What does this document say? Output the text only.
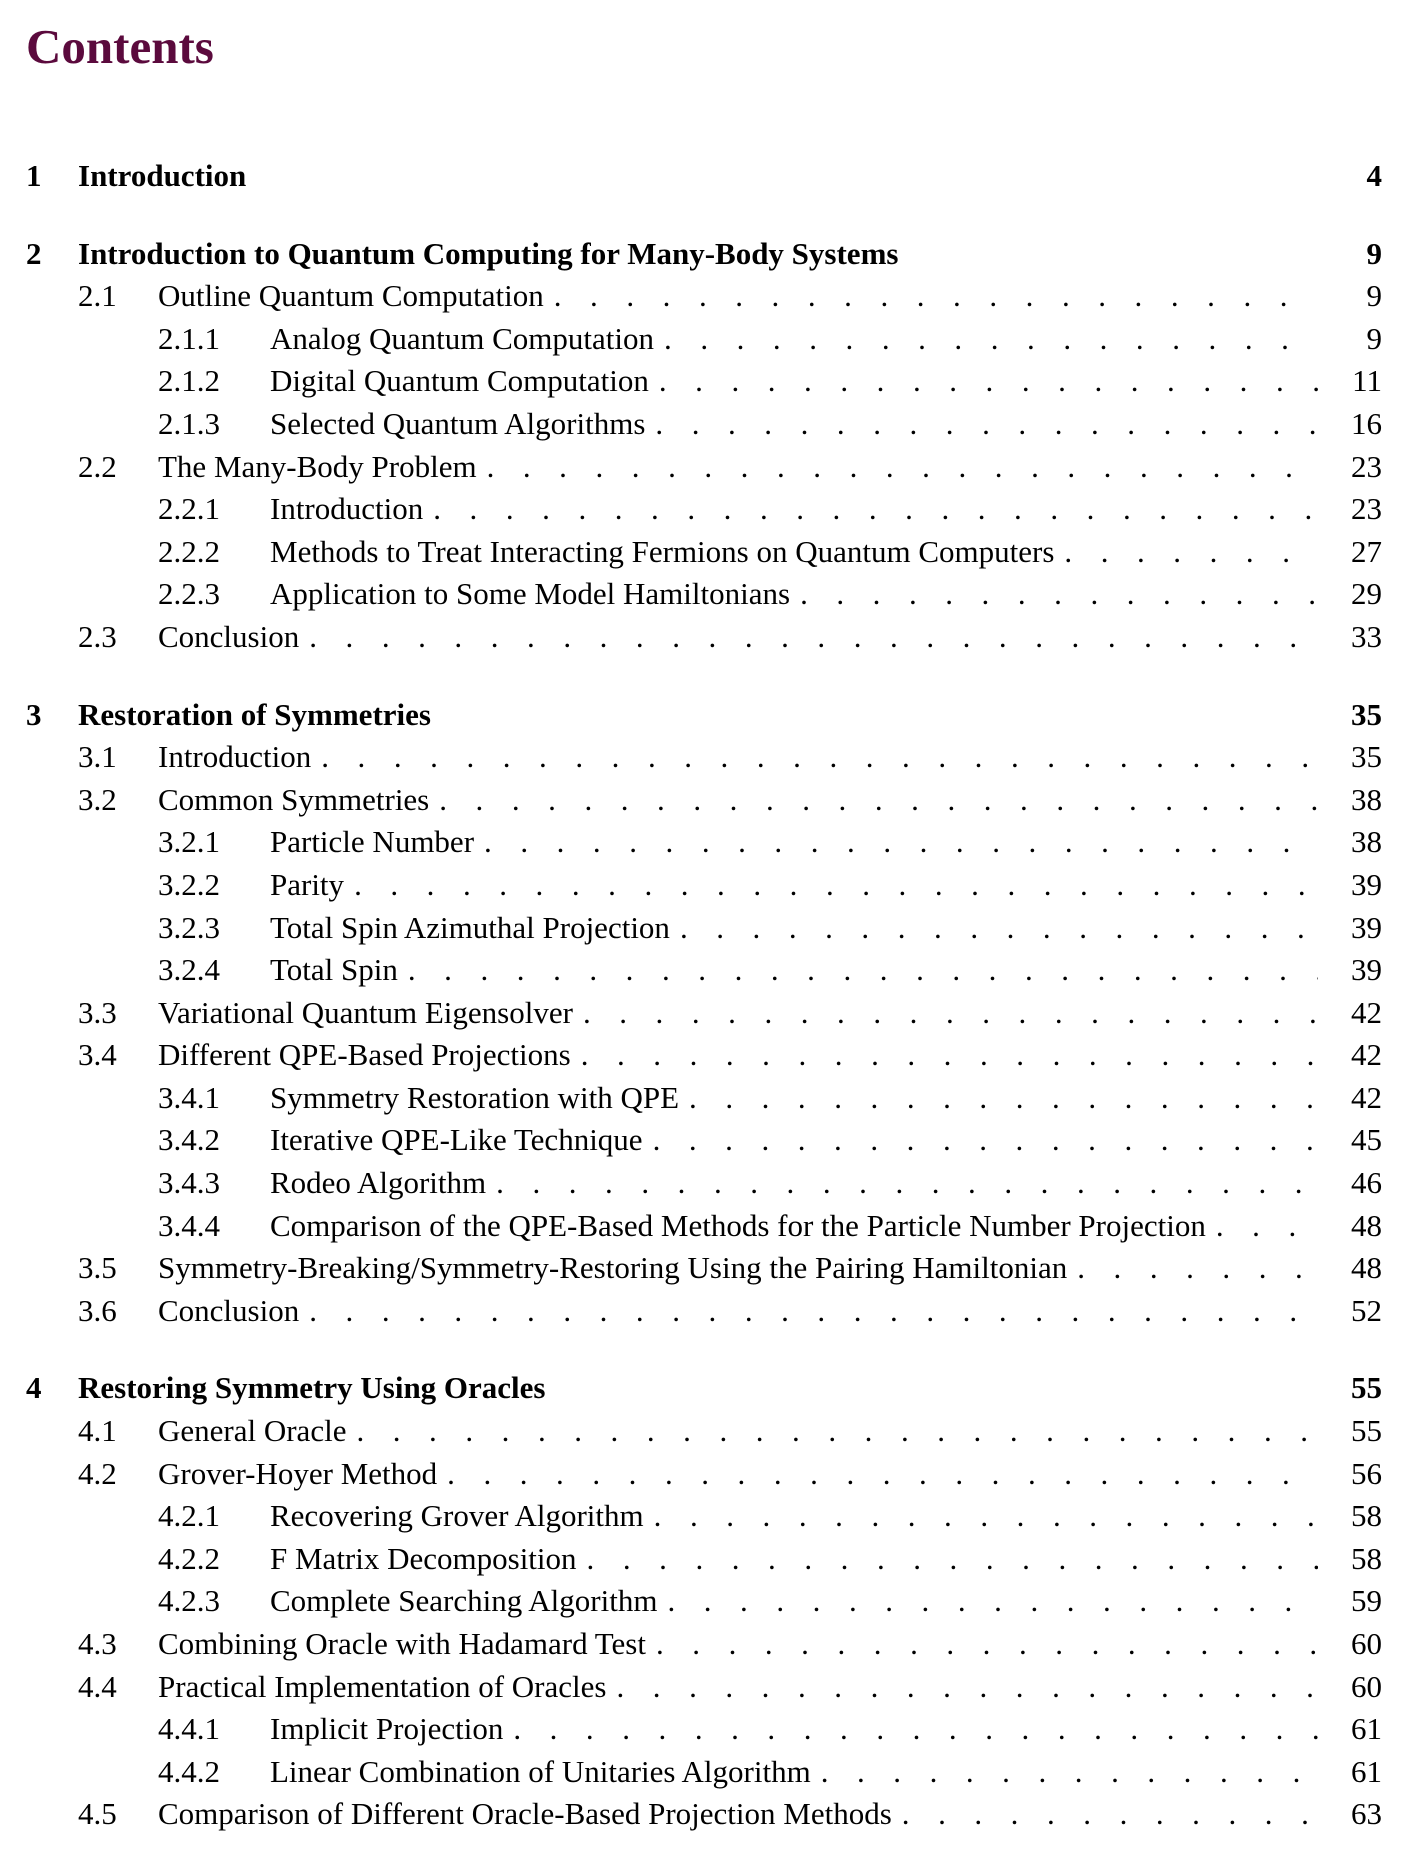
Contents
1	Introduction	4
2	Introduction to Quantum Computing for Many-Body Systems	9
2.1	Outline Quantum Computation . . .	9
2.1.1	Analog Quantum Computation . . .	9
2.1.2	Digital Quantum Computation . . .	11
2.1.3	Selected Quantum Algorithms . . .	16
2.2	The Many-Body Problem . . .	23
2.2.1	Introduction . . .	23
2.2.2	Methods to Treat Interacting Fermions on Quantum Computers . . .	27
2.2.3	Application to Some Model Hamiltonians . . .	29
2.3	Conclusion . . .	33
3	Restoration of Symmetries	35
3.1	Introduction . . .	35
3.2	Common Symmetries . . .	38
3.2.1	Particle Number . . .	38
3.2.2	Parity . . .	39
3.2.3	Total Spin Azimuthal Projection . . .	39
3.2.4	Total Spin . . .	39
3.3	Variational Quantum Eigensolver . . .	42
3.4	Different QPE-Based Projections . . .	42
3.4.1	Symmetry Restoration with QPE . . .	42
3.4.2	Iterative QPE-Like Technique . . .	45
3.4.3	Rodeo Algorithm . . .	46
3.4.4	Comparison of the QPE-Based Methods for the Particle Number Projection . . .	48
3.5	Symmetry-Breaking/Symmetry-Restoring Using the Pairing Hamiltonian . . .	48
3.6	Conclusion . . .	52
4	Restoring Symmetry Using Oracles	55
4.1	General Oracle . . .	55
4.2	Grover-Hoyer Method . . .	56
4.2.1	Recovering Grover Algorithm . . .	58
4.2.2	F Matrix Decomposition . . .	58
4.2.3	Complete Searching Algorithm . . .	59
4.3	Combining Oracle with Hadamard Test . . .	60
4.4	Practical Implementation of Oracles . . .	60
4.4.1	Implicit Projection . . .	61
4.4.2	Linear Combination of Unitaries Algorithm . . .	61
4.5	Comparison of Different Oracle-Based Projection Methods . . .	63
